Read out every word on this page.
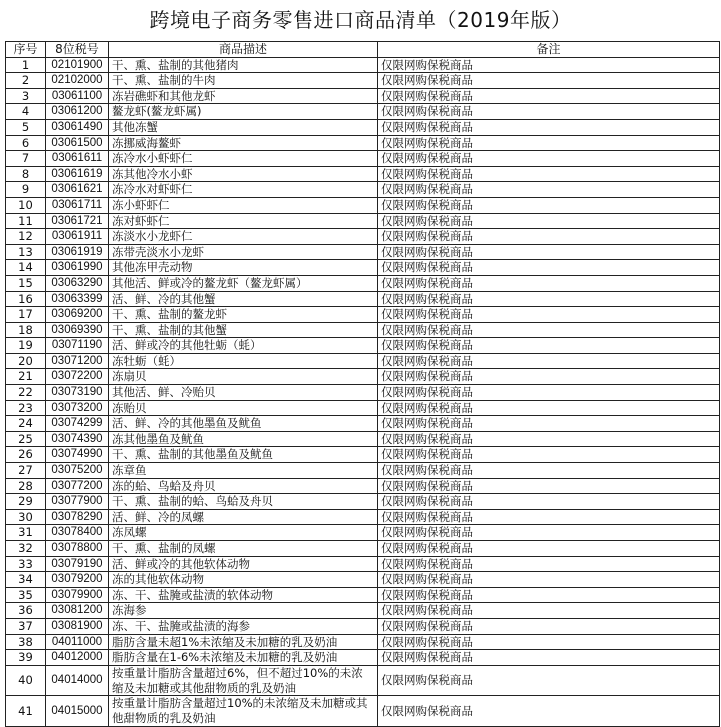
跨境电子商务零售进口商品清单（2019年版）
序号	8位税号	商品描述	备注
1	02101900	干、熏、盐制的其他猪肉	仅限网购保税商品
2	02102000	干、熏、盐制的牛肉	仅限网购保税商品
3	03061100	冻岩礁虾和其他龙虾	仅限网购保税商品
4	03061200	鳌龙虾(鳌龙虾属)	仅限网购保税商品
5	03061490	其他冻蟹	仅限网购保税商品
6	03061500	冻挪威海鳌虾	仅限网购保税商品
7	03061611	冻冷水小虾虾仁	仅限网购保税商品
8	03061619	冻其他冷水小虾	仅限网购保税商品
9	03061621	冻冷水对虾虾仁	仅限网购保税商品
10	03061711	冻小虾虾仁	仅限网购保税商品
11	03061721	冻对虾虾仁	仅限网购保税商品
12	03061911	冻淡水小龙虾仁	仅限网购保税商品
13	03061919	冻带壳淡水小龙虾	仅限网购保税商品
14	03061990	其他冻甲壳动物	仅限网购保税商品
15	03063290	其他活、鲜或冷的鳌龙虾（鳌龙虾属）	仅限网购保税商品
16	03063399	活、鲜、冷的其他蟹	仅限网购保税商品
17	03069200	干、熏、盐制的鳌龙虾	仅限网购保税商品
18	03069390	干、熏、盐制的其他蟹	仅限网购保税商品
19	03071190	活、鲜或冷的其他牡蛎（蚝）	仅限网购保税商品
20	03071200	冻牡蛎（蚝）	仅限网购保税商品
21	03072200	冻扇贝	仅限网购保税商品
22	03073190	其他活、鲜、冷贻贝	仅限网购保税商品
23	03073200	冻贻贝	仅限网购保税商品
24	03074299	活、鲜、冷的其他墨鱼及鱿鱼	仅限网购保税商品
25	03074390	冻其他墨鱼及鱿鱼	仅限网购保税商品
26	03074990	干、熏、盐制的其他墨鱼及鱿鱼	仅限网购保税商品
27	03075200	冻章鱼	仅限网购保税商品
28	03077200	冻的蛤、鸟蛤及舟贝	仅限网购保税商品
29	03077900	干、熏、盐制的蛤、鸟蛤及舟贝	仅限网购保税商品
30	03078290	活、鲜、冷的凤螺	仅限网购保税商品
31	03078400	冻凤螺	仅限网购保税商品
32	03078800	干、熏、盐制的凤螺	仅限网购保税商品
33	03079190	活、鲜或冷的其他软体动物	仅限网购保税商品
34	03079200	冻的其他软体动物	仅限网购保税商品
35	03079900	冻、干、盐腌或盐渍的软体动物	仅限网购保税商品
36	03081200	冻海参	仅限网购保税商品
37	03081900	冻、干、盐腌或盐渍的海参	仅限网购保税商品
38	04011000	脂肪含量未超1%未浓缩及未加糖的乳及奶油	仅限网购保税商品
39	04012000	脂肪含量在1-6%未浓缩及未加糖的乳及奶油	仅限网购保税商品
40	04014000	按重量计脂肪含量超过6%，但不超过10%的未浓缩及未加糖或其他甜物质的乳及奶油	仅限网购保税商品
41	04015000	按重量计脂肪含量超过10%的未浓缩及未加糖或其他甜物质的乳及奶油	仅限网购保税商品
